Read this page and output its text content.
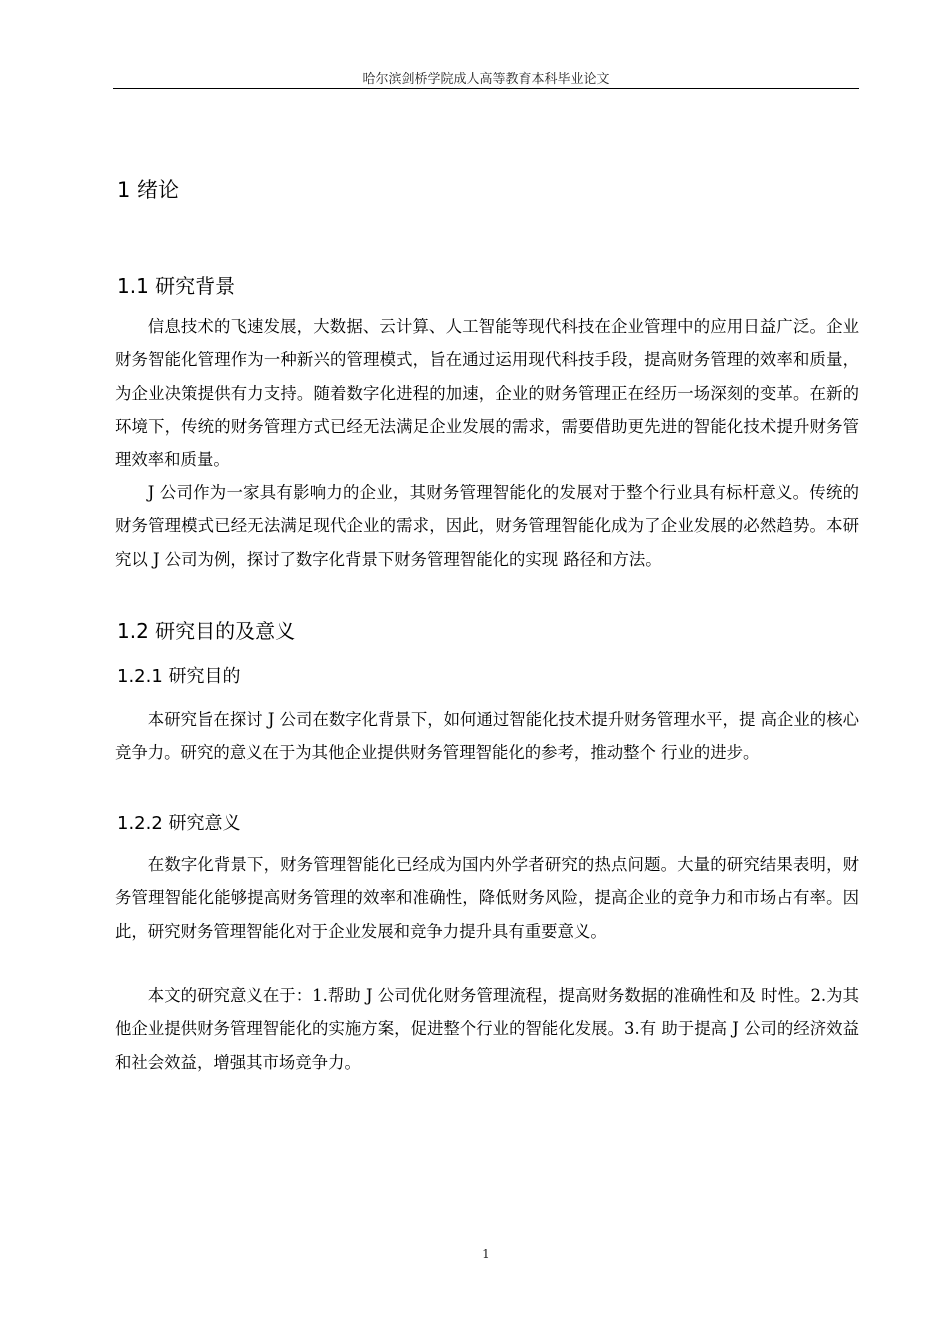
哈尔滨剑桥学院成人高等教育本科毕业论文
1 绪论
1.1 研究背景

信息技术的飞速发展，大数据、云计算、人工智能等现代科技在企业管理中的应用日益广泛。企业财务智能化管理作为一种新兴的管理模式，旨在通过运用现代科技手段，提高财务管理的效率和质量，为企业决策提供有力支持。随着数字化进程的加速，企业的财务管理正在经历一场深刻的变革。在新的环境下，传统的财务管理方式已经无法满足企业发展的需求，需要借助更先进的智能化技术提升财务管理效率和质量。

J 公司作为一家具有影响力的企业，其财务管理智能化的发展对于整个行业具有标杆意义。传统的财务管理模式已经无法满足现代企业的需求，因此，财务管理智能化成为了企业发展的必然趋势。本研究以 J 公司为例，探讨了数字化背景下财务管理智能化的实现 路径和方法。

1.2 研究目的及意义
1.2.1 研究目的

本研究旨在探讨 J 公司在数字化背景下，如何通过智能化技术提升财务管理水平，提 高企业的核心竞争力。研究的意义在于为其他企业提供财务管理智能化的参考，推动整个 行业的进步。

1.2.2 研究意义

在数字化背景下，财务管理智能化已经成为国内外学者研究的热点问题。大量的研究结果表明，财务管理智能化能够提高财务管理的效率和准确性，降低财务风险，提高企业的竞争力和市场占有率。因此，研究财务管理智能化对于企业发展和竞争力提升具有重要意义。

本文的研究意义在于：1.帮助 J 公司优化财务管理流程，提高财务数据的准确性和及 时性。2.为其他企业提供财务管理智能化的实施方案，促进整个行业的智能化发展。3.有 助于提高 J 公司的经济效益和社会效益，增强其市场竞争力。

1
